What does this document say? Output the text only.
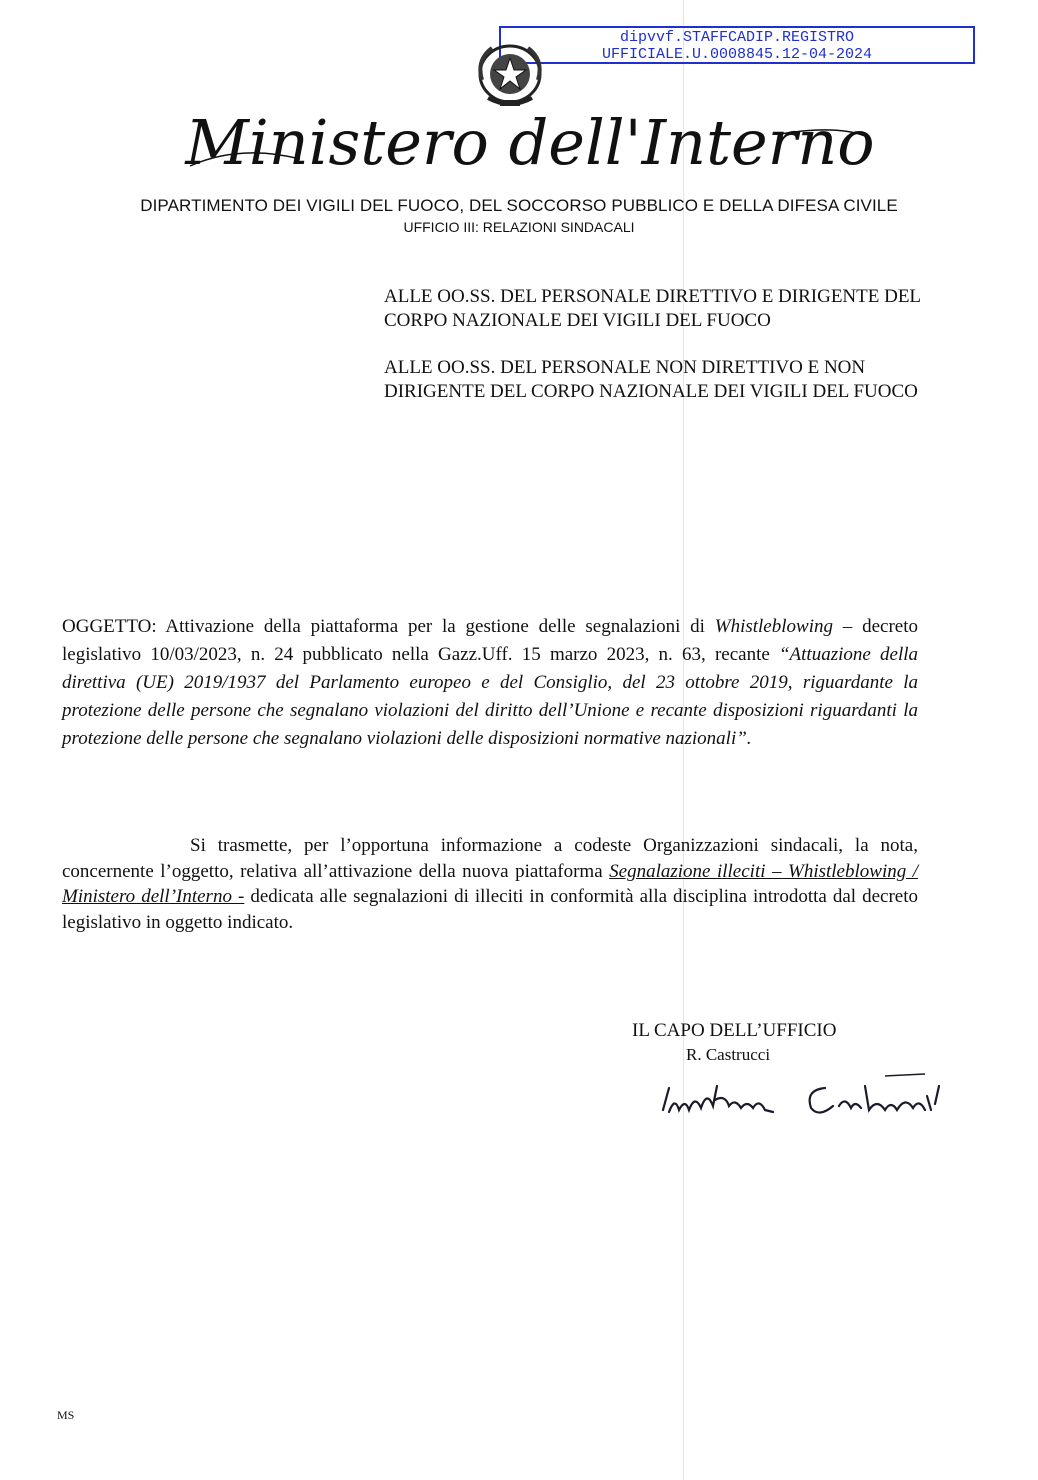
dipvvf.STAFFCADIP.REGISTRO
UFFICIALE.U.0008845.12-04-2024
Ministero dell'Interno
DIPARTIMENTO DEI VIGILI DEL FUOCO, DEL SOCCORSO PUBBLICO E DELLA DIFESA CIVILE
UFFICIO III: RELAZIONI SINDACALI
ALLE OO.SS. DEL PERSONALE DIRETTIVO E DIRIGENTE DEL CORPO NAZIONALE DEI VIGILI DEL FUOCO
ALLE OO.SS. DEL PERSONALE NON DIRETTIVO E NON DIRIGENTE DEL CORPO NAZIONALE DEI VIGILI DEL FUOCO
OGGETTO: Attivazione della piattaforma per la gestione delle segnalazioni di Whistleblowing – decreto legislativo 10/03/2023, n. 24 pubblicato nella Gazz.Uff. 15 marzo 2023, n. 63, recante “Attuazione della direttiva (UE) 2019/1937 del Parlamento europeo e del Consiglio, del 23 ottobre 2019, riguardante la protezione delle persone che segnalano violazioni del diritto dell’Unione e recante disposizioni riguardanti la protezione delle persone che segnalano violazioni delle disposizioni normative nazionali”.
Si trasmette, per l’opportuna informazione a codeste Organizzazioni sindacali, la nota, concernente l’oggetto, relativa all’attivazione della nuova piattaforma Segnalazione illeciti – Whistleblowing / Ministero dell’Interno - dedicata alle segnalazioni di illeciti in conformità alla disciplina introdotta dal decreto legislativo in oggetto indicato.
IL CAPO DELL’UFFICIO
R. Castrucci
MS
